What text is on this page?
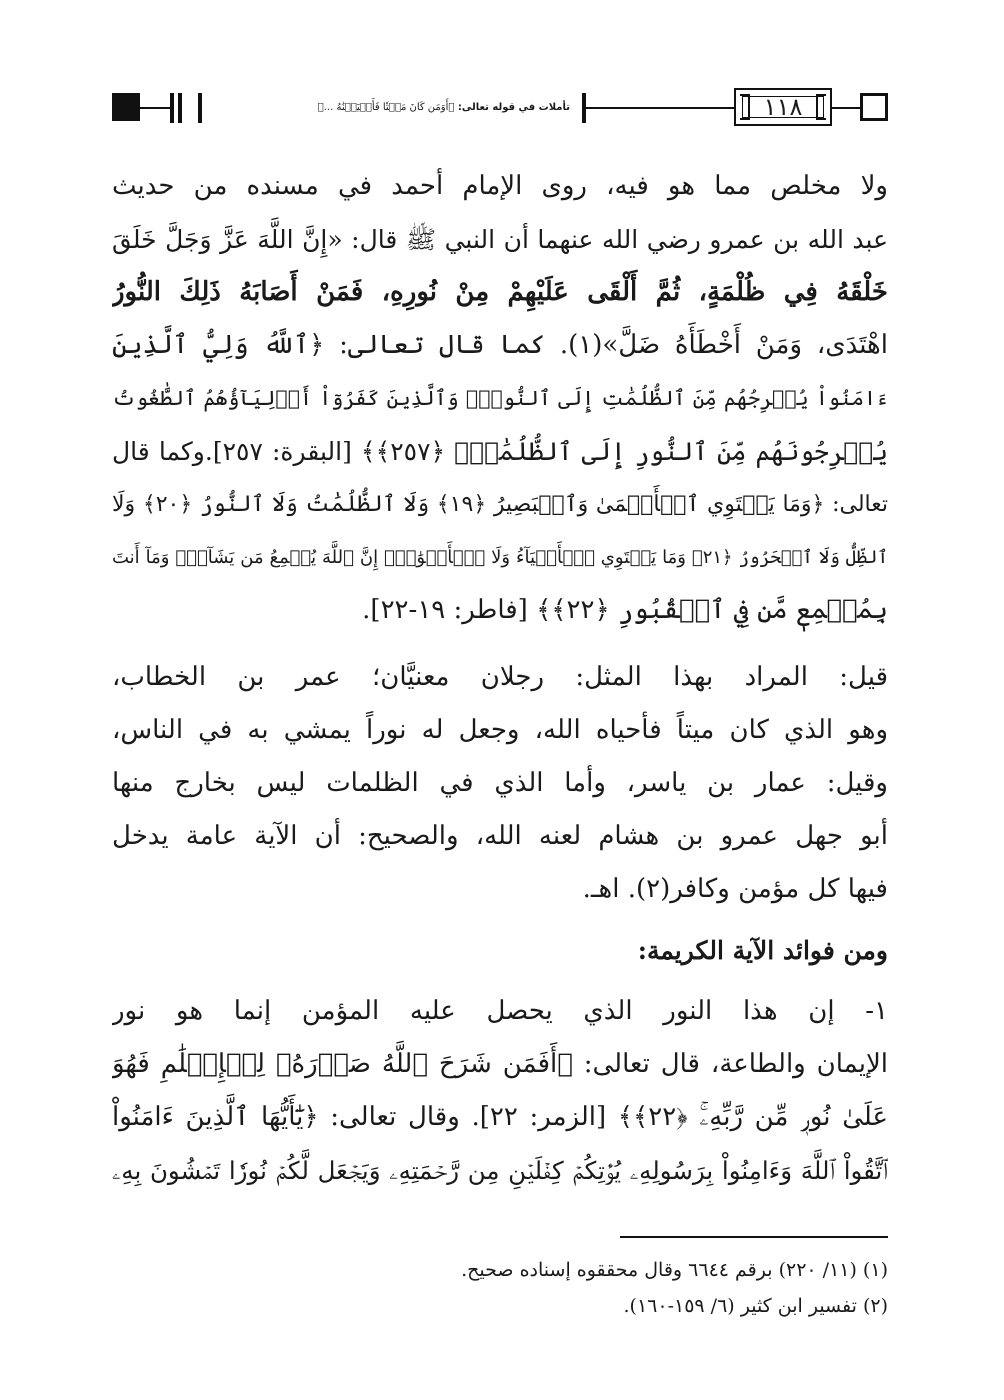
تأملات في قوله تعالى: ﴿أَوَمَن كَانَ مَيۡتٗا فَأَحۡيَيۡنَٰهُ ...﴾	١١٨
ولا مخلص مما هو فيه، روى الإمام أحمد في مسنده من حديث
عبد الله بن عمرو رضي الله عنهما أن النبي ﷺ قال: «إِنَّ اللَّهَ عَزَّ وَجَلَّ خَلَقَ
خَلْقَهُ فِي ظُلْمَةٍ، ثُمَّ أَلْقَى عَلَيْهِمْ مِنْ نُورِهِ، فَمَنْ أَصَابَهُ ذَلِكَ النُّورُ
اهْتَدَى، وَمَنْ أَخْطَأَهُ ضَلَّ»(١). كما قال تعالى: ﴿ٱللَّهُ وَلِيُّ ٱلَّذِينَ
ءَامَنُواْ يُخۡرِجُهُم مِّنَ ٱلظُّلُمَٰتِ إِلَى ٱلنُّورِۖ وَٱلَّذِينَ كَفَرُوٓاْ أَوۡلِيَآؤُهُمُ ٱلطَّٰغُوتُ
يُخۡرِجُونَهُم مِّنَ ٱلنُّورِ إِلَى ٱلظُّلُمَٰتِۗ ﴿٢٥٧﴾﴾ [البقرة: ٢٥٧].وكما قال
تعالى: ﴿وَمَا يَسۡتَوِي ٱلۡأَعۡمَىٰ وَٱلۡبَصِيرُ ﴿١٩﴾ وَلَا ٱلظُّلُمَٰتُ وَلَا ٱلنُّورُ ﴿٢٠﴾ وَلَا
ٱلظِّلُّ وَلَا ٱلۡحَرُورُ ﴿٢١﴾ وَمَا يَسۡتَوِي ٱلۡأَحۡيَآءُ وَلَا ٱلۡأَمۡوَٰتُۚ إِنَّ ٱللَّهَ يُسۡمِعُ مَن يَشَآءُۖ وَمَآ أَنتَ
بِمُسۡمِعٖ مَّن فِي ٱلۡقُبُورِ ﴿٢٢﴾﴾ [فاطر: ١٩-٢٢].
قيل: المراد بهذا المثل: رجلان معنيَّان؛ عمر بن الخطاب،
وهو الذي كان ميتاً فأحياه الله، وجعل له نوراً يمشي به في الناس،
وقيل: عمار بن ياسر، وأما الذي في الظلمات ليس بخارج منها
أبو جهل عمرو بن هشام لعنه الله، والصحيح: أن الآية عامة يدخل
فيها كل مؤمن وكافر(٢). اهـ.
ومن فوائد الآية الكريمة:
١- إن هذا النور الذي يحصل عليه المؤمن إنما هو نور
الإيمان والطاعة، قال تعالى: ﴿أَفَمَن شَرَحَ ٱللَّهُ صَدۡرَهُۥ لِلۡإِسۡلَٰمِ فَهُوَ
عَلَىٰ نُورٖ مِّن رَّبِّهِۦۚ ﴿٢٢﴾﴾ [الزمر: ٢٢]. وقال تعالى: ﴿يَٰٓأَيُّهَا ٱلَّذِينَ ءَامَنُواْ
ٱتَّقُواْ ٱللَّهَ وَءَامِنُواْ بِرَسُولِهِۦ يُؤۡتِكُمۡ كِفۡلَيۡنِ مِن رَّحۡمَتِهِۦ وَيَجۡعَل لَّكُمۡ نُورٗا تَمۡشُونَ بِهِۦ
(١) (١١/ ٢٢٠) برقم ٦٦٤٤ وقال محققوه إسناده صحيح.
(٢) تفسير ابن كثير (٦/ ١٥٩-١٦٠).
